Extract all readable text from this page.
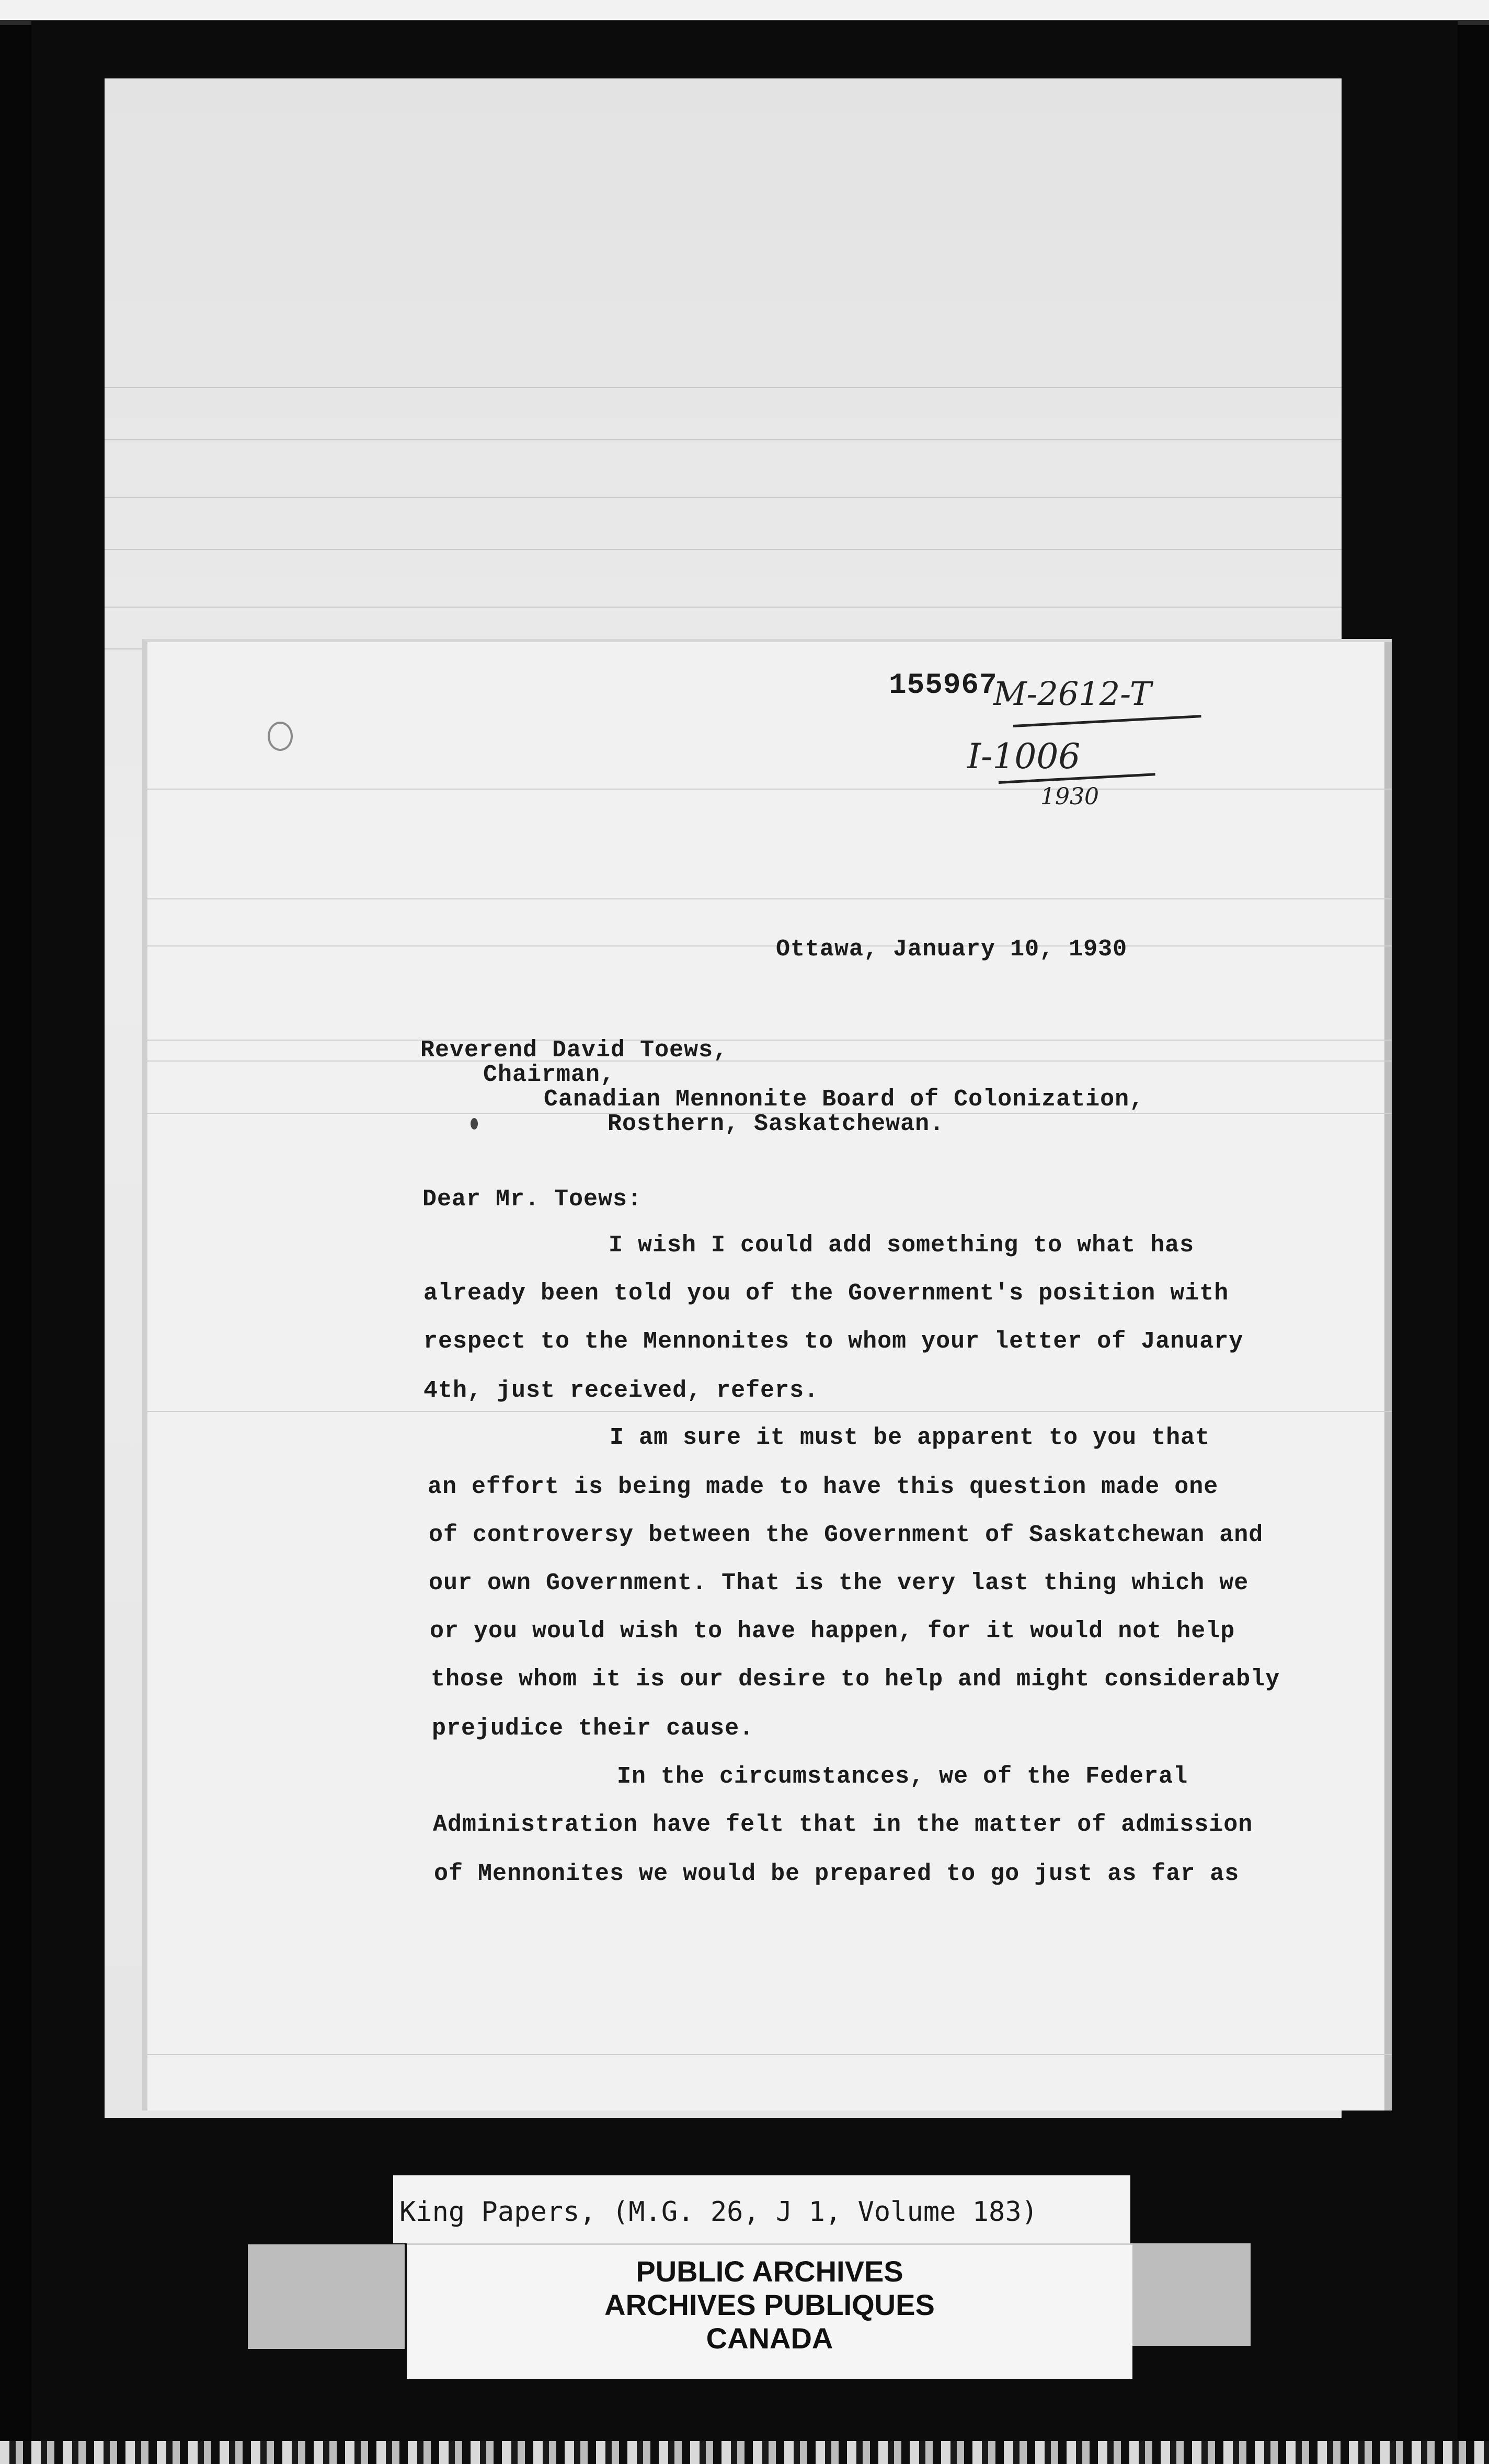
155967

M-2612-T

I-1006

1930

Ottawa, January 10, 1930

Reverend David Toews,

Chairman,

Canadian Mennonite Board of Colonization,

Rosthern, Saskatchewan.

Dear Mr. Toews:

I wish I could add something to what has

already been told you of the Government's position with

respect to the Mennonites to whom your letter of January

4th, just received, refers.

I am sure it must be apparent to you that

an effort is being made to have this question made one

of controversy between the Government of Saskatchewan and

our own Government. That is the very last thing which we

or you would wish to have happen, for it would not help

those whom it is our desire to help and might considerably

prejudice their cause.

In the circumstances, we of the Federal

Administration have felt that in the matter of admission

of Mennonites we would be prepared to go just as far as

King Papers, (M.G. 26, J 1, Volume 183)

PUBLIC ARCHIVES

ARCHIVES PUBLIQUES

CANADA
